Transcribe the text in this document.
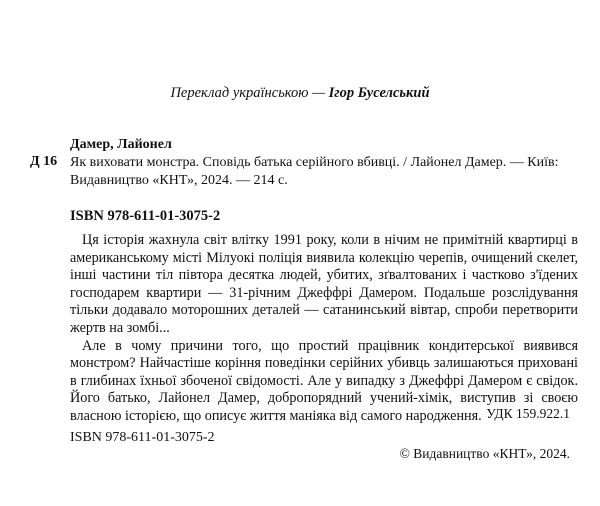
Переклад українською — Ігор Буселський
Дамер, Лайонел
Д 16 Як виховати монстра. Сповідь батька серійного вбивці. / Лайонел Дамер. — Київ:
Видавництво «КНТ», 2024. — 214 с.
ISBN 978-611-01-3075-2

Ця історія жахнула світ влітку 1991 року, коли в нічим не примітній квартирці в американському місті Мілуокі поліція виявила колекцію черепів, очищений скелет, інші частини тіл півтора десятка людей, убитих, зґвалтованих і частково з'їдених господарем квартири — 31-річним Джеффрі Дамером. Подальше розслідування тільки додавало моторошних деталей — сатанинський вівтар, спроби перетворити жертв на зомбі...

Але в чому причини того, що простий працівник кондитерської виявився монстром? Найчастіше коріння поведінки серійних убивць залишаються приховані в глибинах їхньої збоченої свідомості. Але у випадку з Джеффрі Дамером є свідок. Його батько, Лайонел Дамер, добропорядний учений-хімік, виступив зі своєю власною історією, що описує життя маніяка від самого народження. УДК 159.922.1
ISBN 978-611-01-3075-2
© Видавництво «КНТ», 2024.
